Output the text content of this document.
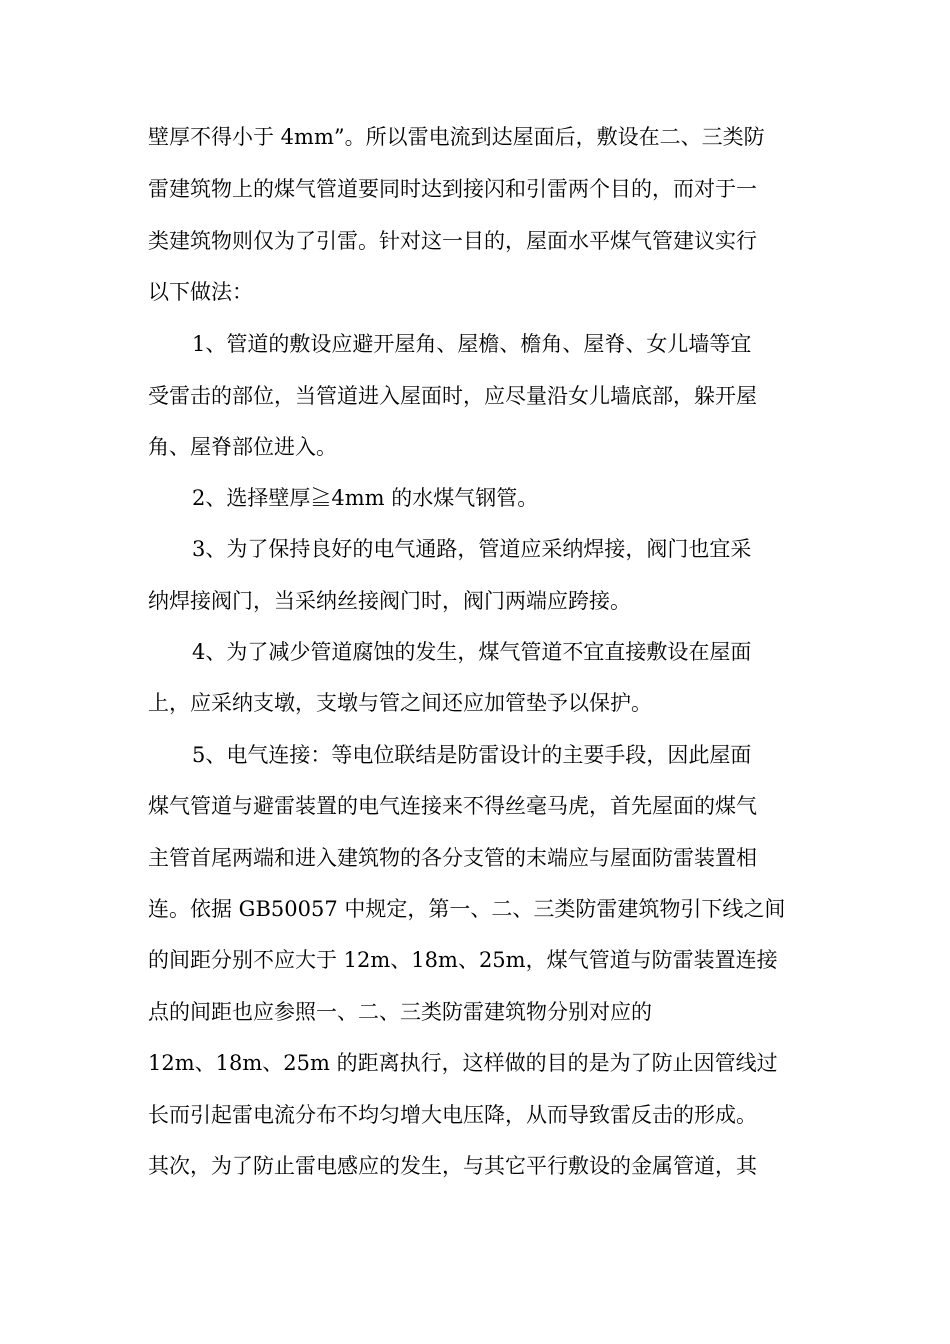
壁厚不得小于 4mm”。所以雷电流到达屋面后，敷设在二、三类防
雷建筑物上的煤气管道要同时达到接闪和引雷两个目的，而对于一
类建筑物则仅为了引雷。针对这一目的，屋面水平煤气管建议实行
以下做法：
1、管道的敷设应避开屋角、屋檐、檐角、屋脊、女儿墙等宜
受雷击的部位，当管道进入屋面时，应尽量沿女儿墙底部，躲开屋
角、屋脊部位进入。
2、选择壁厚≧4mm 的水煤气钢管。
3、为了保持良好的电气通路，管道应采纳焊接，阀门也宜采
纳焊接阀门，当采纳丝接阀门时，阀门两端应跨接。
4、为了减少管道腐蚀的发生，煤气管道不宜直接敷设在屋面
上，应采纳支墩，支墩与管之间还应加管垫予以保护。
5、电气连接：等电位联结是防雷设计的主要手段，因此屋面
煤气管道与避雷装置的电气连接来不得丝毫马虎，首先屋面的煤气
主管首尾两端和进入建筑物的各分支管的末端应与屋面防雷装置相
连。依据 GB50057 中规定，第一、二、三类防雷建筑物引下线之间
的间距分别不应大于 12m、18m、25m，煤气管道与防雷装置连接
点的间距也应参照一、二、三类防雷建筑物分别对应的
12m、18m、25m 的距离执行，这样做的目的是为了防止因管线过
长而引起雷电流分布不均匀增大电压降，从而导致雷反击的形成。
其次，为了防止雷电感应的发生，与其它平行敷设的金属管道，其
